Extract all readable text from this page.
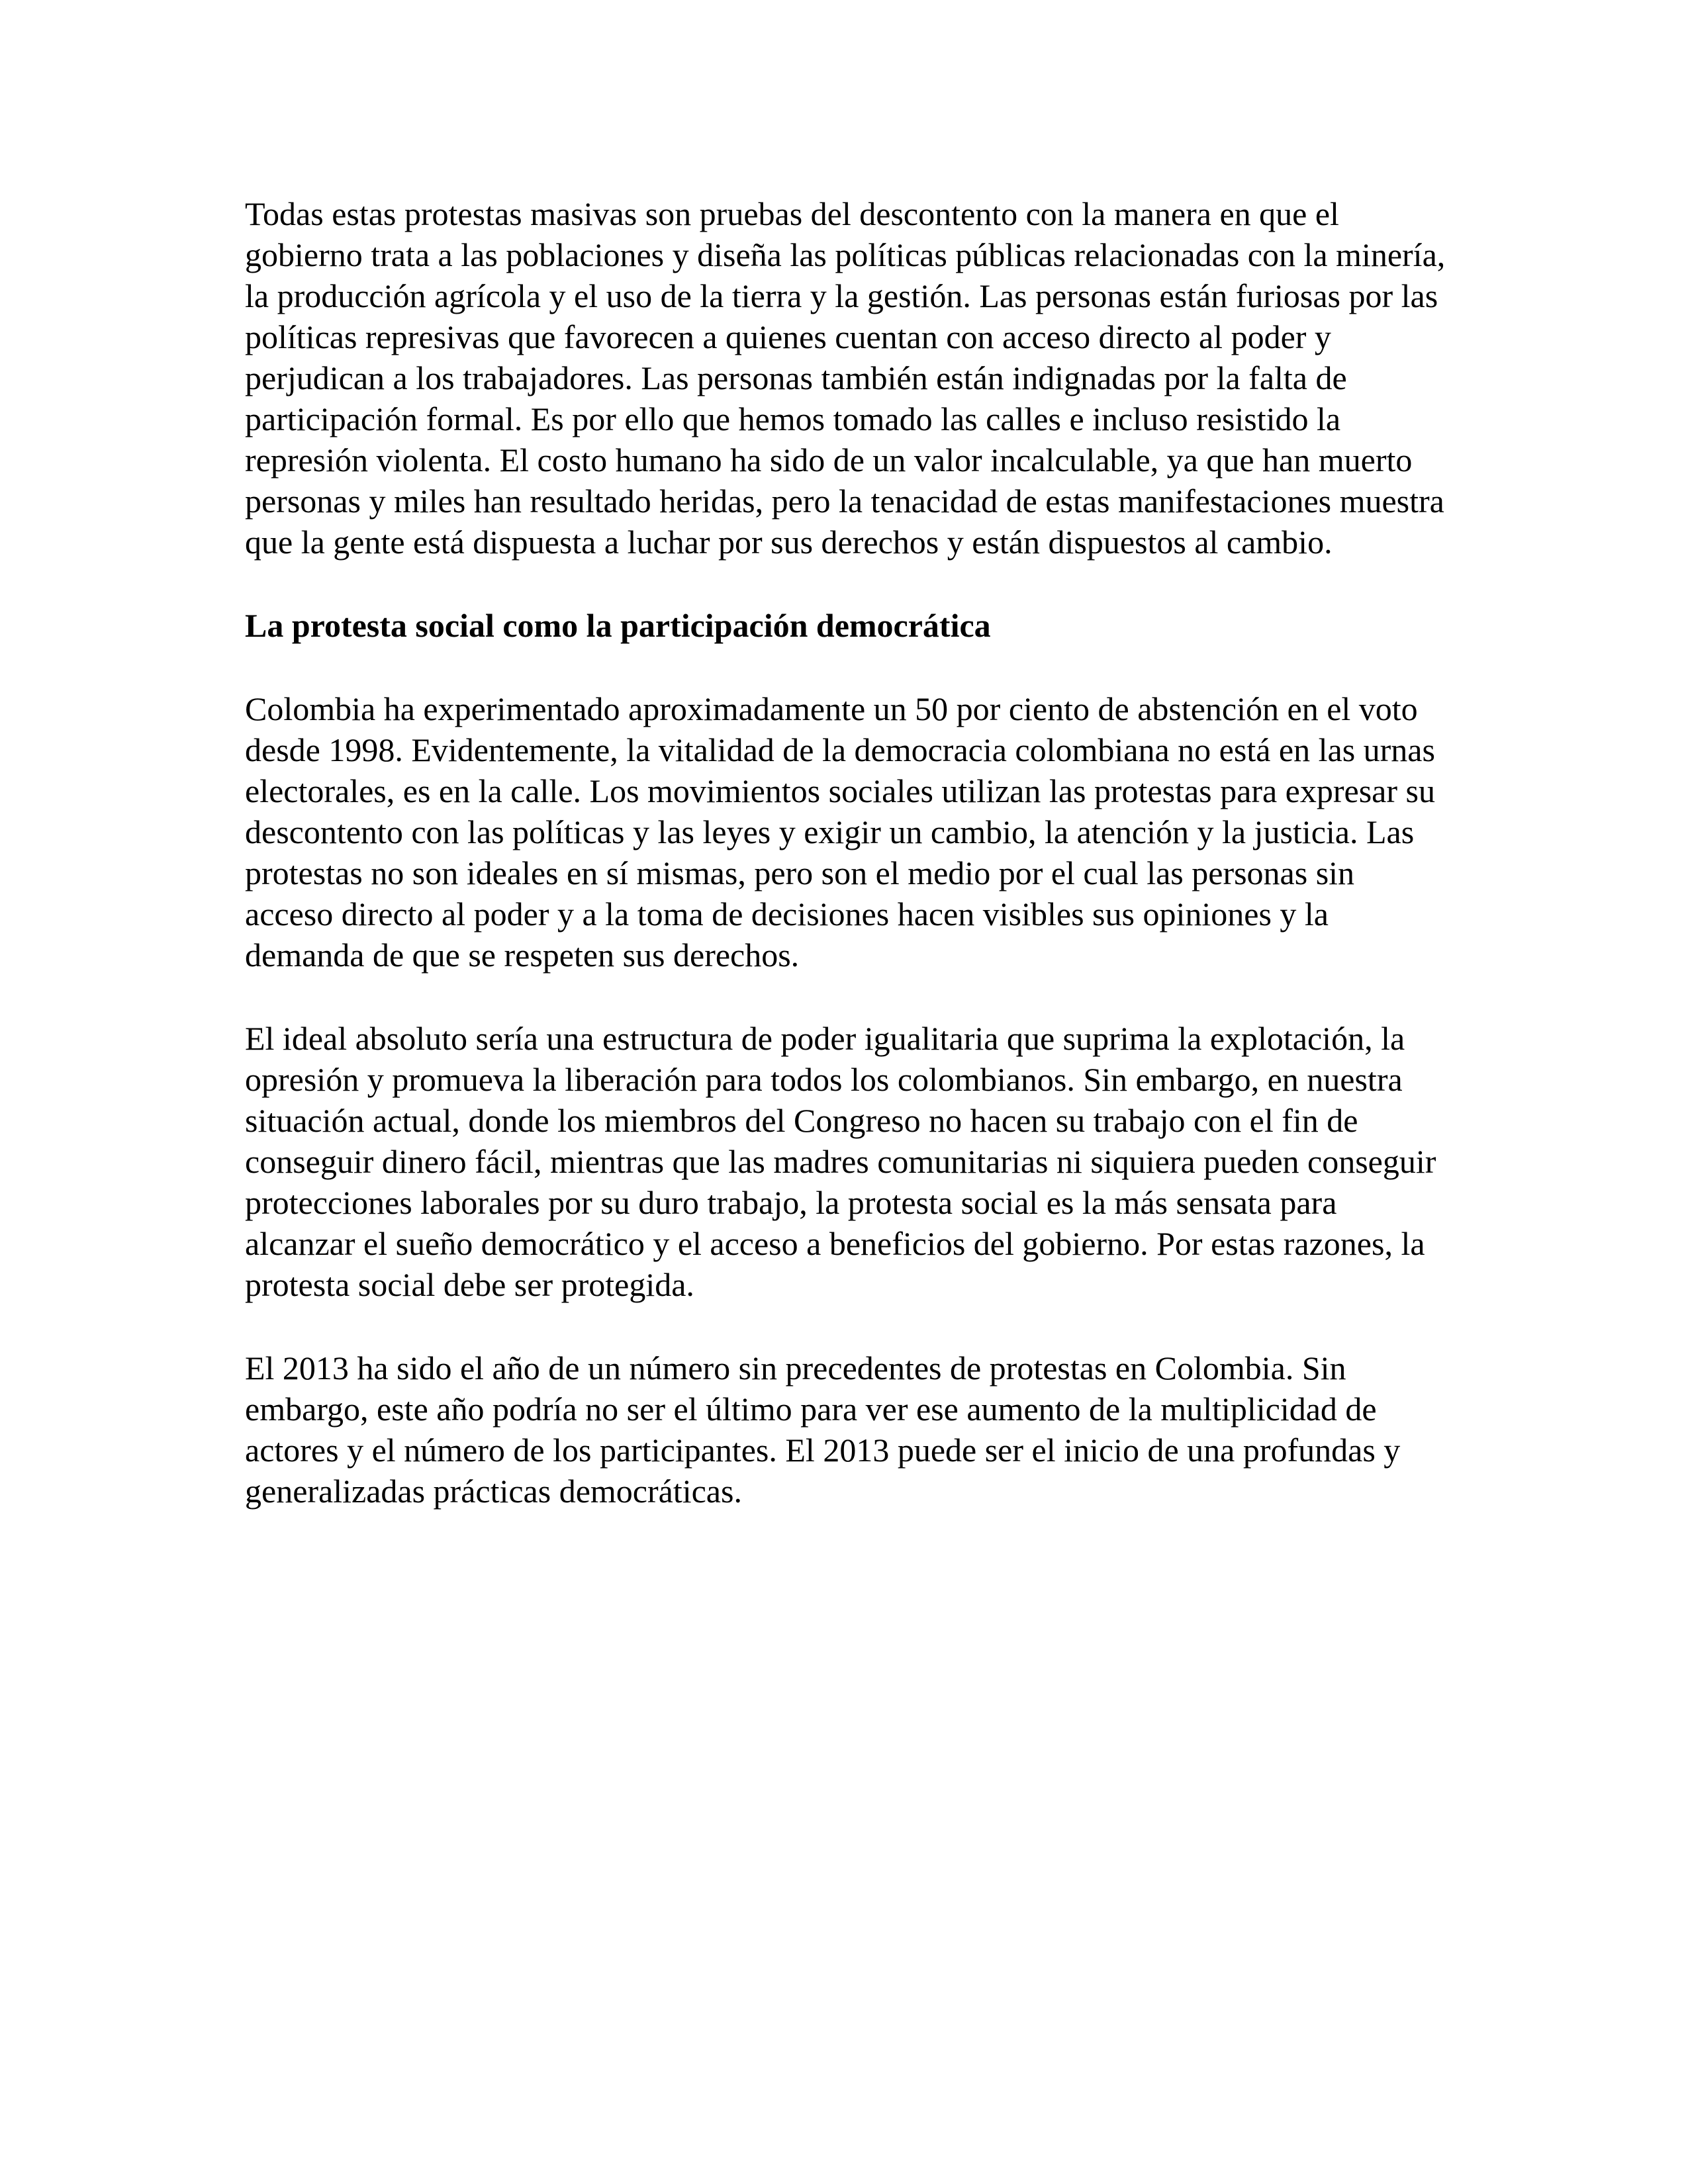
Todas estas protestas masivas son pruebas del descontento con la manera en que el gobierno trata a las poblaciones y diseña las políticas públicas relacionadas con la minería, la producción agrícola y el uso de la tierra y la gestión. Las personas están furiosas por las políticas represivas que favorecen a quienes cuentan con acceso directo al poder y perjudican a los trabajadores. Las personas también están indignadas por la falta de participación formal. Es por ello que hemos tomado las calles e incluso resistido la represión violenta. El costo humano ha sido de un valor incalculable, ya que han muerto personas y miles han resultado heridas, pero la tenacidad de estas manifestaciones muestra que la gente está dispuesta a luchar por sus derechos y están dispuestos al cambio.

La protesta social como la participación democrática

Colombia ha experimentado aproximadamente un 50 por ciento de abstención en el voto desde 1998. Evidentemente, la vitalidad de la democracia colombiana no está en las urnas electorales, es en la calle. Los movimientos sociales utilizan las protestas para expresar su descontento con las políticas y las leyes y exigir un cambio, la atención y la justicia. Las protestas no son ideales en sí mismas, pero son el medio por el cual las personas sin acceso directo al poder y a la toma de decisiones hacen visibles sus opiniones y la demanda de que se respeten sus derechos.

El ideal absoluto sería una estructura de poder igualitaria que suprima la explotación, la opresión y promueva la liberación para todos los colombianos. Sin embargo, en nuestra situación actual, donde los miembros del Congreso no hacen su trabajo con el fin de conseguir dinero fácil, mientras que las madres comunitarias ni siquiera pueden conseguir protecciones laborales por su duro trabajo, la protesta social es la más sensata para alcanzar el sueño democrático y el acceso a beneficios del gobierno. Por estas razones, la protesta social debe ser protegida.

El 2013 ha sido el año de un número sin precedentes de protestas en Colombia. Sin embargo, este año podría no ser el último para ver ese aumento de la multiplicidad de actores y el número de los participantes. El 2013 puede ser el inicio de una profundas y generalizadas prácticas democráticas.
